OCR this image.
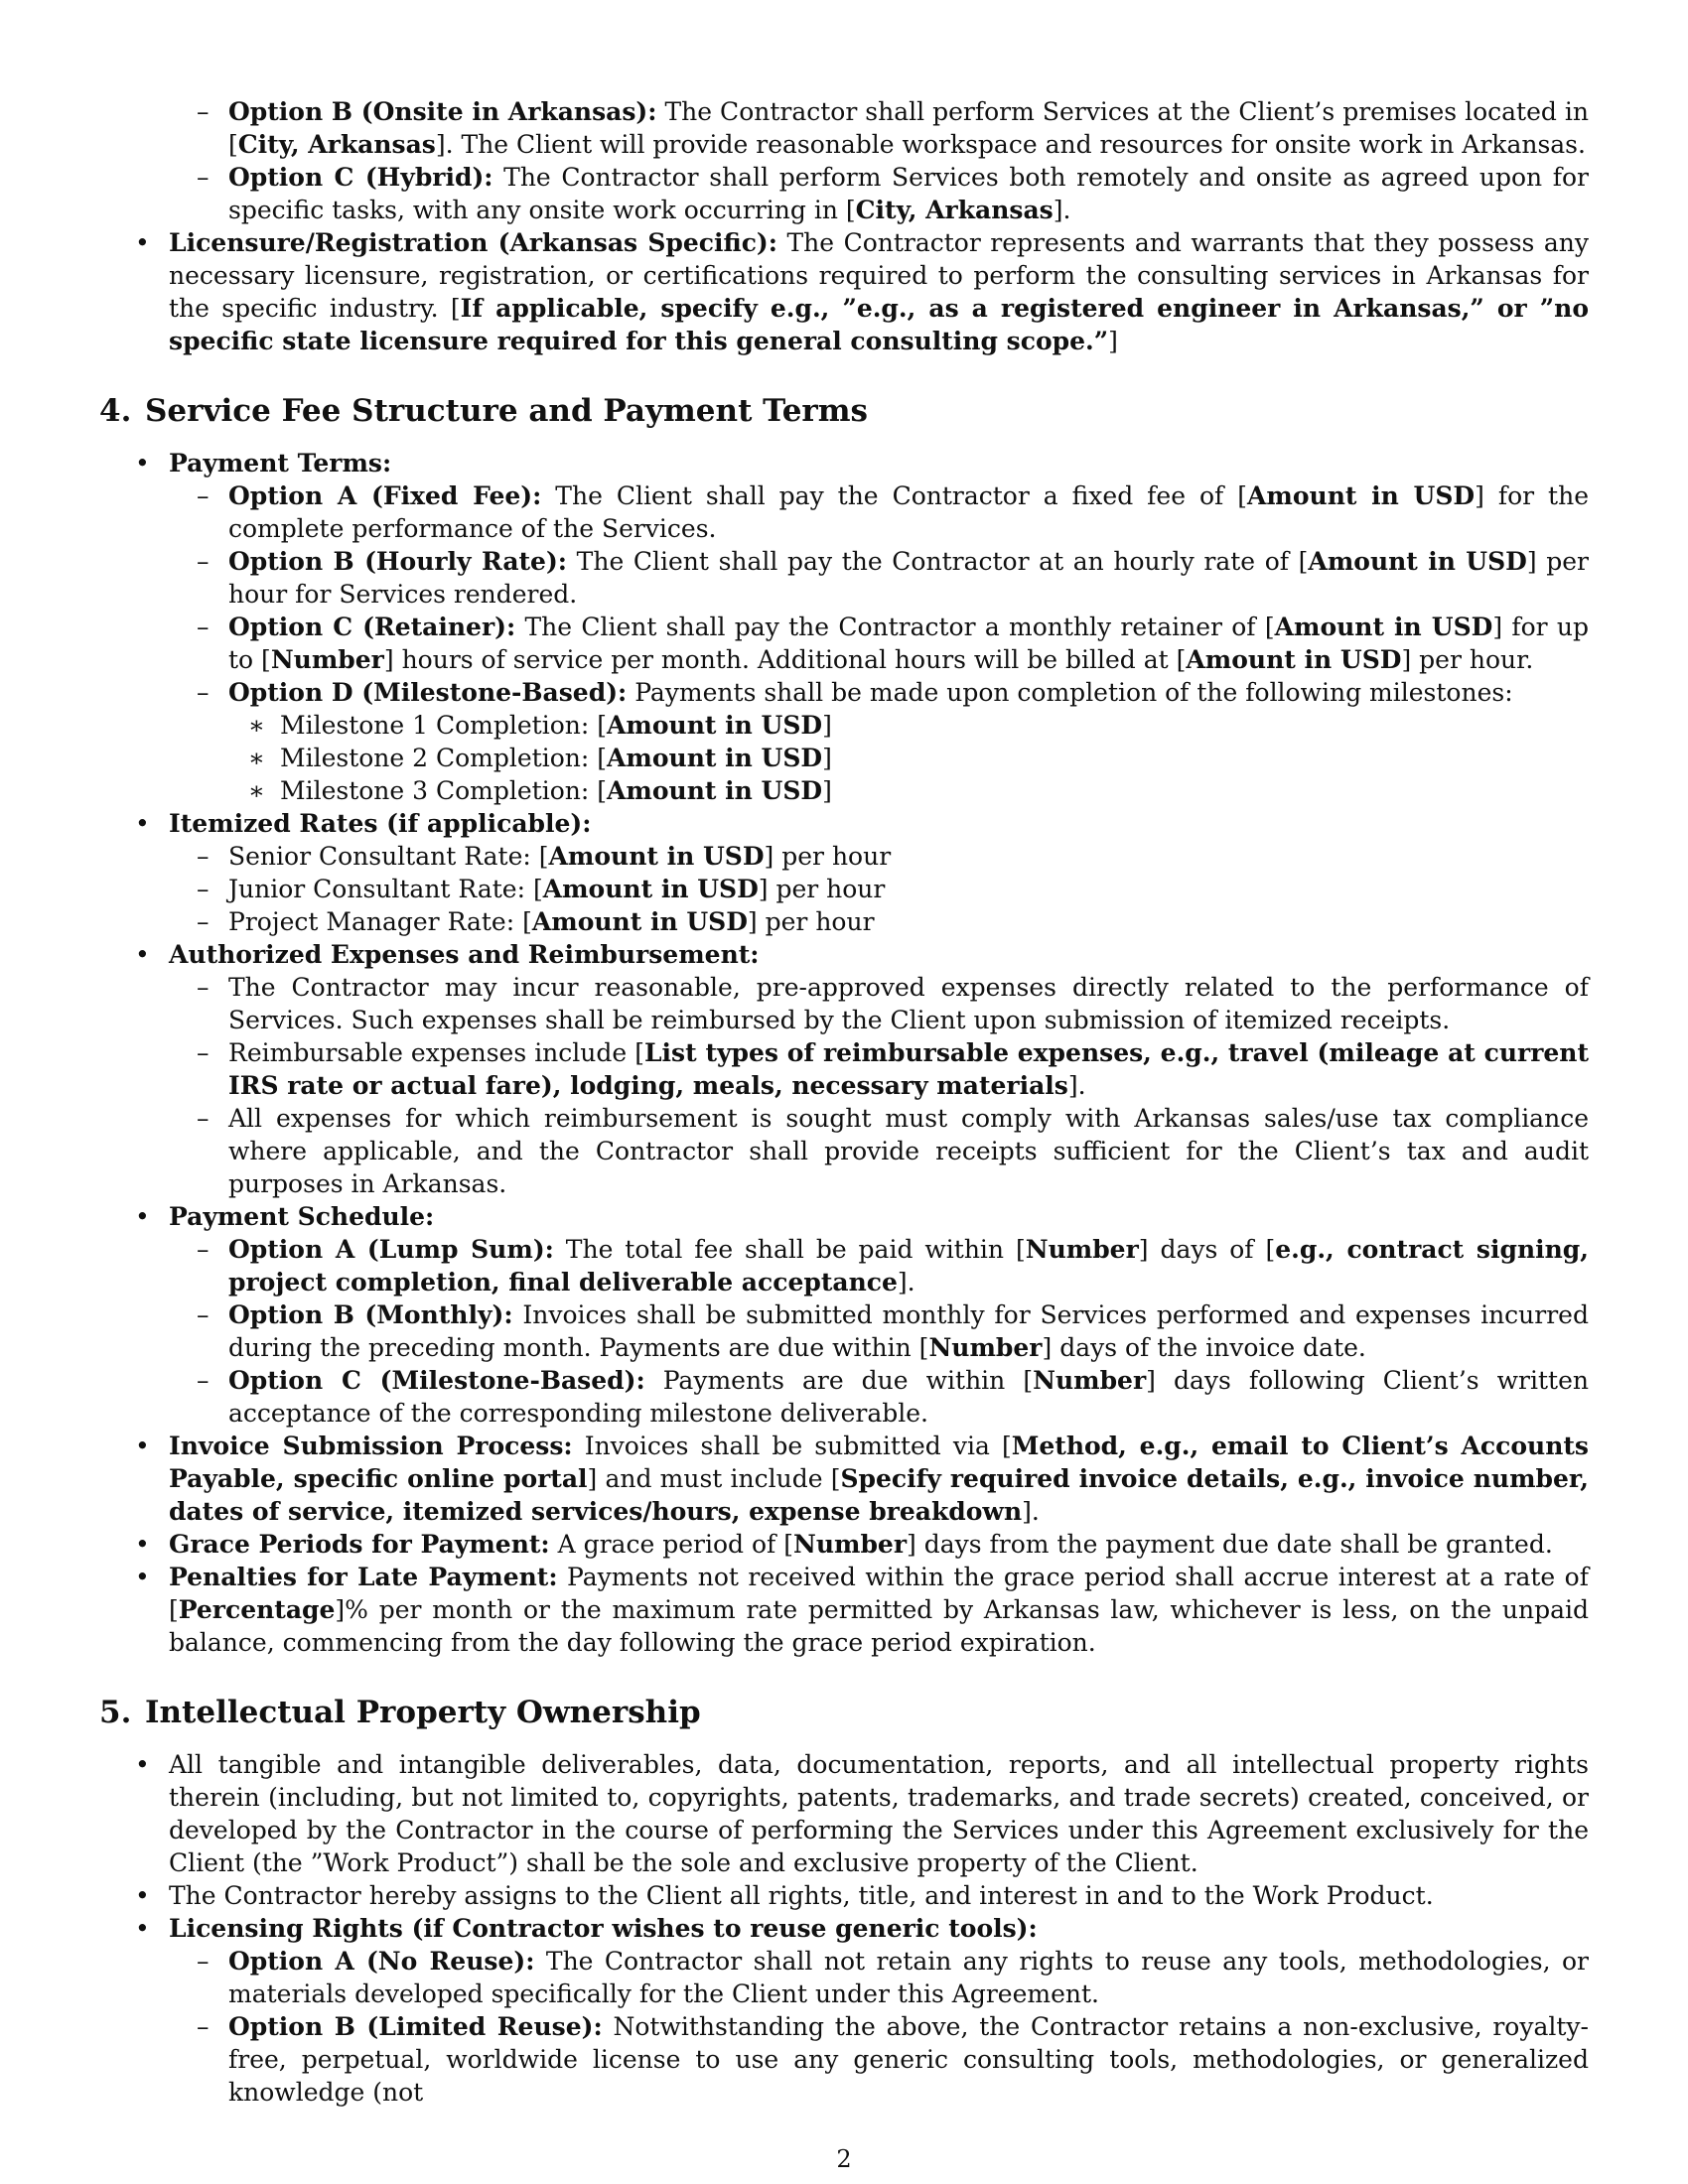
– Option B (Onsite in Arkansas): The Contractor shall perform Services at the Client’s premises located in [City, Arkansas]. The Client will provide reasonable workspace and resources for onsite work in Arkansas.
– Option C (Hybrid): The Contractor shall perform Services both remotely and onsite as agreed upon for specific tasks, with any onsite work occurring in [City, Arkansas].
• Licensure/Registration (Arkansas Specific): The Contractor represents and warrants that they possess any necessary licensure, registration, or certifications required to perform the consulting services in Arkansas for the specific industry. [If applicable, specify e.g., ”e.g., as a registered engineer in Arkansas,” or ”no specific state licensure required for this general consulting scope.”]
4. Service Fee Structure and Payment Terms
• Payment Terms:
– Option A (Fixed Fee): The Client shall pay the Contractor a fixed fee of [Amount in USD] for the complete performance of the Services.
– Option B (Hourly Rate): The Client shall pay the Contractor at an hourly rate of [Amount in USD] per hour for Services rendered.
– Option C (Retainer): The Client shall pay the Contractor a monthly retainer of [Amount in USD] for up to [Number] hours of service per month. Additional hours will be billed at [Amount in USD] per hour.
– Option D (Milestone-Based): Payments shall be made upon completion of the following milestones:
∗ Milestone 1 Completion: [Amount in USD]
∗ Milestone 2 Completion: [Amount in USD]
∗ Milestone 3 Completion: [Amount in USD]
• Itemized Rates (if applicable):
– Senior Consultant Rate: [Amount in USD] per hour
– Junior Consultant Rate: [Amount in USD] per hour
– Project Manager Rate: [Amount in USD] per hour
• Authorized Expenses and Reimbursement:
– The Contractor may incur reasonable, pre-approved expenses directly related to the performance of Services. Such expenses shall be reimbursed by the Client upon submission of itemized receipts.
– Reimbursable expenses include [List types of reimbursable expenses, e.g., travel (mileage at current IRS rate or actual fare), lodging, meals, necessary materials].
– All expenses for which reimbursement is sought must comply with Arkansas sales/use tax compliance where applicable, and the Contractor shall provide receipts sufficient for the Client’s tax and audit purposes in Arkansas.
• Payment Schedule:
– Option A (Lump Sum): The total fee shall be paid within [Number] days of [e.g., contract signing, project completion, final deliverable acceptance].
– Option B (Monthly): Invoices shall be submitted monthly for Services performed and expenses incurred during the preceding month. Payments are due within [Number] days of the invoice date.
– Option C (Milestone-Based): Payments are due within [Number] days following Client’s written acceptance of the corresponding milestone deliverable.
• Invoice Submission Process: Invoices shall be submitted via [Method, e.g., email to Client’s Accounts Payable, specific online portal] and must include [Specify required invoice details, e.g., invoice number, dates of service, itemized services/hours, expense breakdown].
• Grace Periods for Payment: A grace period of [Number] days from the payment due date shall be granted.
• Penalties for Late Payment: Payments not received within the grace period shall accrue interest at a rate of [Percentage]% per month or the maximum rate permitted by Arkansas law, whichever is less, on the unpaid balance, commencing from the day following the grace period expiration.
5. Intellectual Property Ownership
• All tangible and intangible deliverables, data, documentation, reports, and all intellectual property rights therein (including, but not limited to, copyrights, patents, trademarks, and trade secrets) created, conceived, or developed by the Contractor in the course of performing the Services under this Agreement exclusively for the Client (the ”Work Product”) shall be the sole and exclusive property of the Client.
• The Contractor hereby assigns to the Client all rights, title, and interest in and to the Work Product.
• Licensing Rights (if Contractor wishes to reuse generic tools):
– Option A (No Reuse): The Contractor shall not retain any rights to reuse any tools, methodologies, or materials developed specifically for the Client under this Agreement.
– Option B (Limited Reuse): Notwithstanding the above, the Contractor retains a non-exclusive, royalty-free, perpetual, worldwide license to use any generic consulting tools, methodologies, or generalized knowledge (not
2
